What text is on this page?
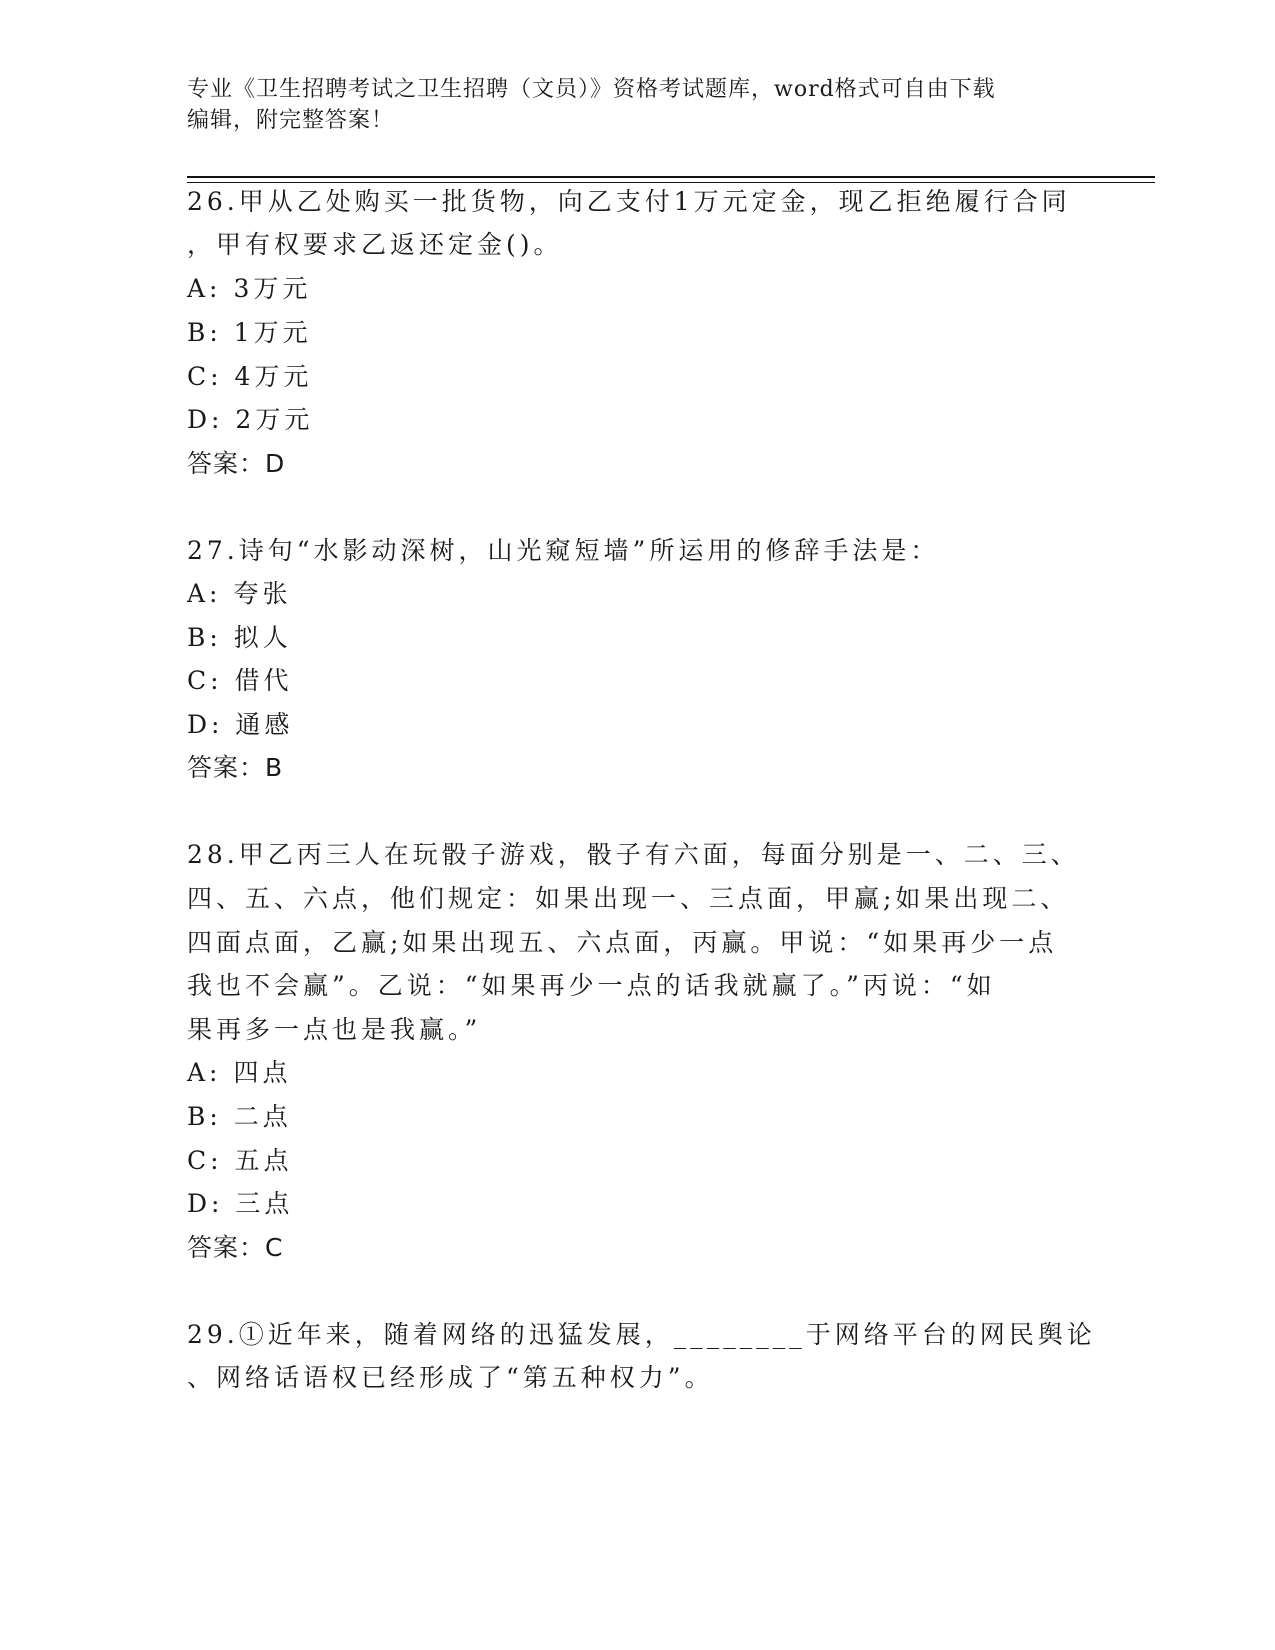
专业《卫生招聘考试之卫生招聘（文员）》资格考试题库，word格式可自由下载
编辑，附完整答案！
26.甲从乙处购买一批货物，向乙支付1万元定金，现乙拒绝履行合同
，甲有权要求乙返还定金()。
A: 3万元
B: 1万元
C: 4万元
D: 2万元
答案：D
27.诗句“水影动深树，山光窥短墙”所运用的修辞手法是：
A: 夸张
B: 拟人
C: 借代
D: 通感
答案：B
28.甲乙丙三人在玩骰子游戏，骰子有六面，每面分别是一、二、三、
四、五、六点，他们规定：如果出现一、三点面，甲赢;如果出现二、
四面点面，乙赢;如果出现五、六点面，丙赢。甲说：“如果再少一点
我也不会赢”。乙说：“如果再少一点的话我就赢了。”丙说：“如
果再多一点也是我赢。”
A: 四点
B: 二点
C: 五点
D: 三点
答案：C
29.①近年来，随着网络的迅猛发展，________于网络平台的网民舆论
、网络话语权已经形成了“第五种权力”。
